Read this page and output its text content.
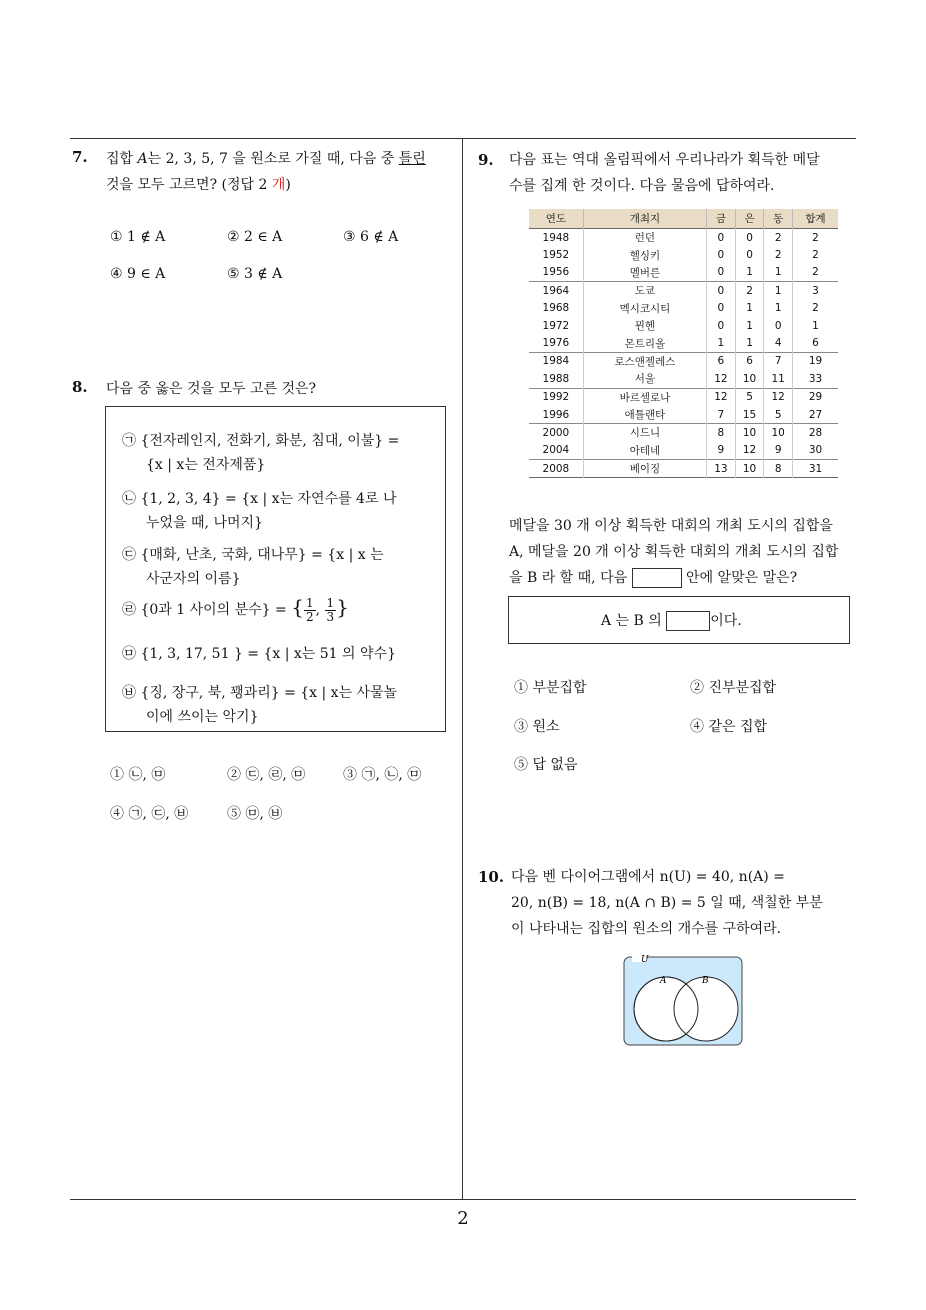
7. 집합 A는 2, 3, 5, 7 을 원소로 가질 때, 다음 중 틀린
것을 모두 고르면? (정답 2 개)
① 1 ∉ A	② 2 ∈ A	③ 6 ∉ A
④ 9 ∈ A	⑤ 3 ∉ A
8. 다음 중 옳은 것을 모두 고른 것은?
㉠ {전자레인지, 전화기, 화분, 침대, 이불} =
{x | x는 전자제품}
㉡ {1, 2, 3, 4} = {x | x는 자연수를 4로 나
누었을 때, 나머지}
㉢ {매화, 난초, 국화, 대나무} = {x | x 는
사군자의 이름}
㉣ {0과 1 사이의 분수} = { $\frac{1}{2}$ , $\frac{1}{3}$ }
㉤ {1, 3, 17, 51 } = {x | x는 51 의 약수}
㉥ {징, 장구, 북, 꽹과리} = {x | x는 사물놀
이에 쓰이는 악기}
① ㉡, ㉤	② ㉢, ㉣, ㉤	③ ㉠, ㉡, ㉤
④ ㉠, ㉢, ㉥	⑤ ㉤, ㉥
9. 다음 표는 역대 올림픽에서 우리나라가 획득한 메달
수를 집계 한 것이다. 다음 물음에 답하여라.
연도	개최지	금	은	동	합계
1948	런던	0	0	2	2
1952	헬싱키	0	0	2	2
1956	멜버른	0	1	1	2
1964	도쿄	0	2	1	3
1968	멕시코시티	0	1	1	2
1972	뮌헨	0	1	0	1
1976	몬트리올	1	1	4	6
1984	로스앤젤레스	6	6	7	19
1988	서울	12	10	11	33
1992	바르셀로나	12	5	12	29
1996	애틀랜타	7	15	5	27
2000	시드니	8	10	10	28
2004	아테네	9	12	9	30
2008	베이징	13	10	8	31
메달을 30 개 이상 획득한 대회의 개최 도시의 집합을
A, 메달을 20 개 이상 획득한 대회의 개최 도시의 집합
을 B 라 할 때, 다음	안에 알맞은 말은?
A 는 B 의	이다.
① 부분집합	② 진부분집합
③ 원소	④ 같은 집합
⑤ 답 없음
10. 다음 벤 다이어그램에서 n(U) = 40, n(A) =
20, n(B) = 18, n(A ∩ B) = 5 일 때, 색칠한 부분
이 나타내는 집합의 원소의 개수를 구하여라.
U
A	B
2
